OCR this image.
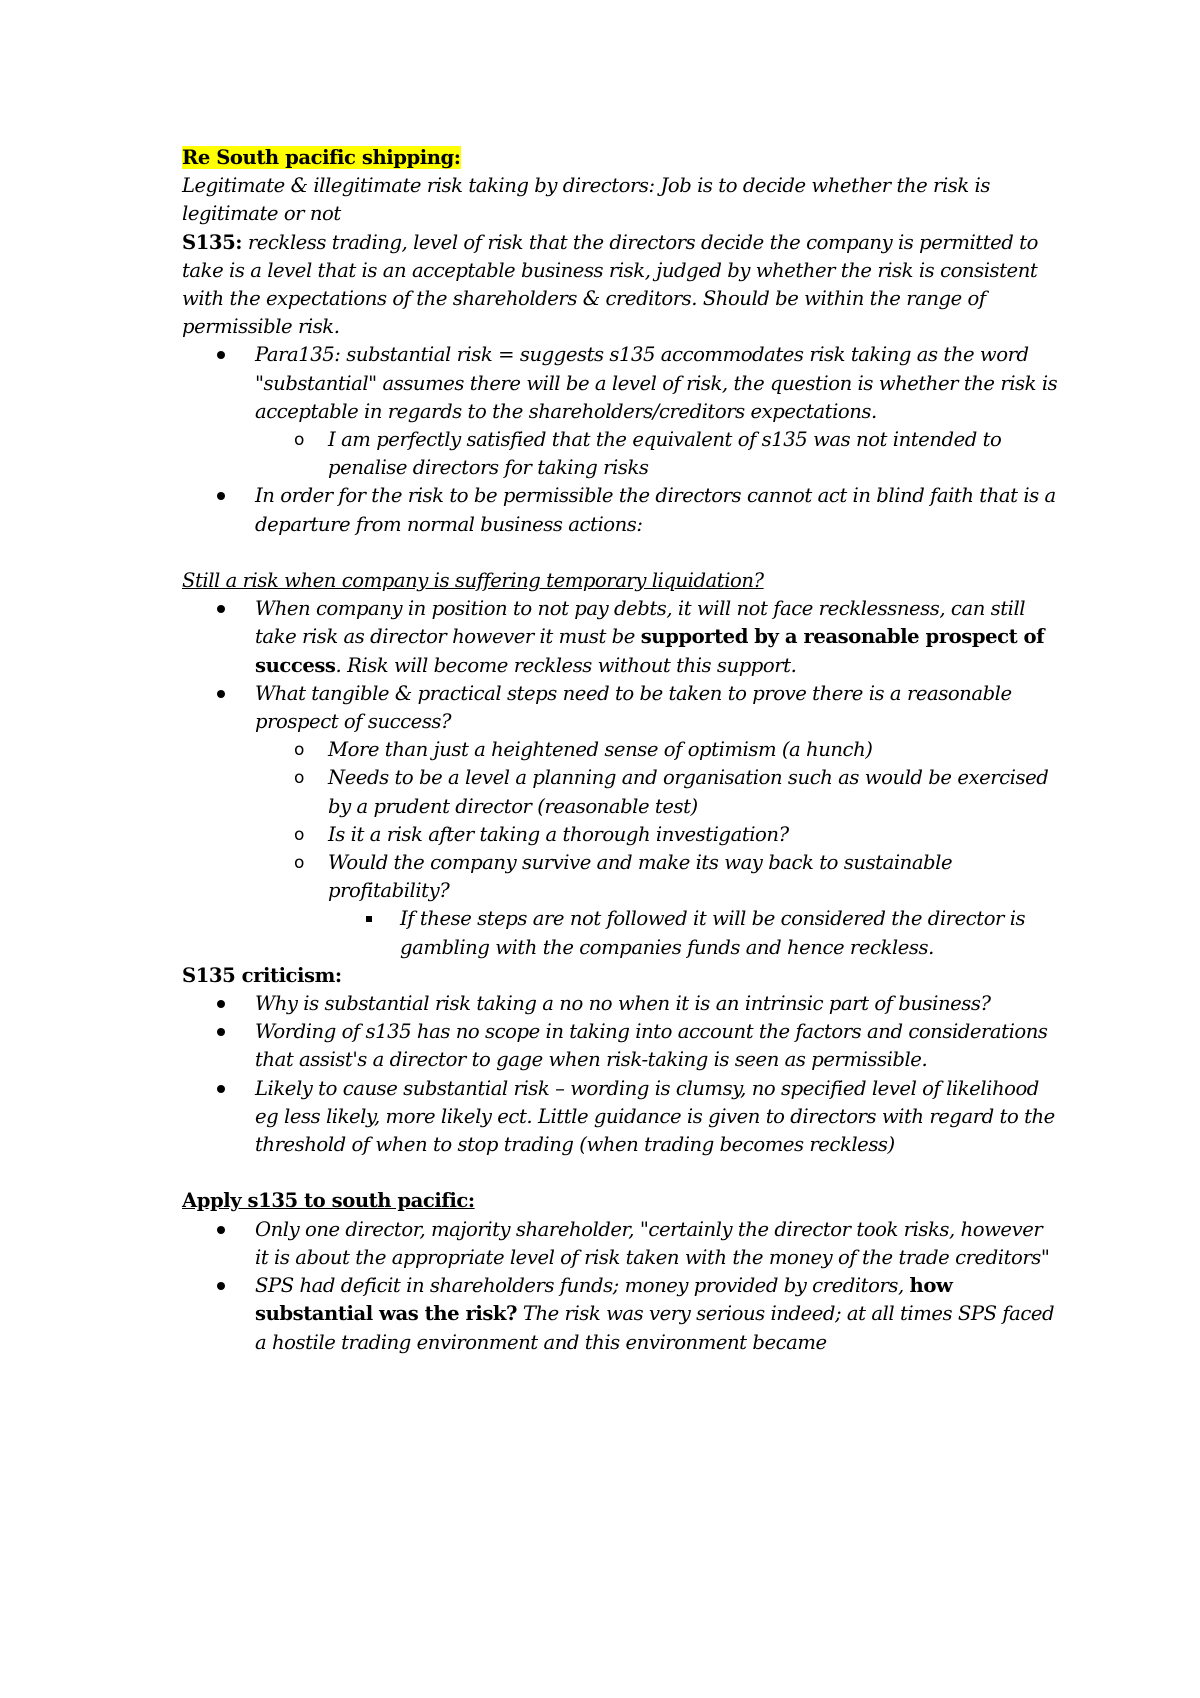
Re South pacific shipping:

Legitimate & illegitimate risk taking by directors: Job is to decide whether the risk is legitimate or not

S135: reckless trading, level of risk that the directors decide the company is permitted to take is a level that is an acceptable business risk, judged by whether the risk is consistent with the expectations of the shareholders & creditors. Should be within the range of permissible risk.

Para135: substantial risk = suggests s135 accommodates risk taking as the word "substantial" assumes there will be a level of risk, the question is whether the risk is acceptable in regards to the shareholders/creditors expectations.

o I am perfectly satisfied that the equivalent of s135 was not intended to penalise directors for taking risks

In order for the risk to be permissible the directors cannot act in blind faith that is a departure from normal business actions:

Still a risk when company is suffering temporary liquidation?

When company in position to not pay debts, it will not face recklessness, can still take risk as director however it must be supported by a reasonable prospect of success. Risk will become reckless without this support.

What tangible & practical steps need to be taken to prove there is a reasonable prospect of success?

o More than just a heightened sense of optimism (a hunch)

o Needs to be a level a planning and organisation such as would be exercised by a prudent director (reasonable test)

o Is it a risk after taking a thorough investigation?

o Would the company survive and make its way back to sustainable profitability?

If these steps are not followed it will be considered the director is gambling with the companies funds and hence reckless.

S135 criticism:

Why is substantial risk taking a no no when it is an intrinsic part of business?

Wording of s135 has no scope in taking into account the factors and considerations that assist's a director to gage when risk-taking is seen as permissible.

Likely to cause substantial risk – wording is clumsy, no specified level of likelihood eg less likely, more likely ect. Little guidance is given to directors with regard to the threshold of when to stop trading (when trading becomes reckless)

Apply s135 to south pacific:

Only one director, majority shareholder, "certainly the director took risks, however it is about the appropriate level of risk taken with the money of the trade creditors"

SPS had deficit in shareholders funds; money provided by creditors, how substantial was the risk? The risk was very serious indeed; at all times SPS faced a hostile trading environment and this environment became
